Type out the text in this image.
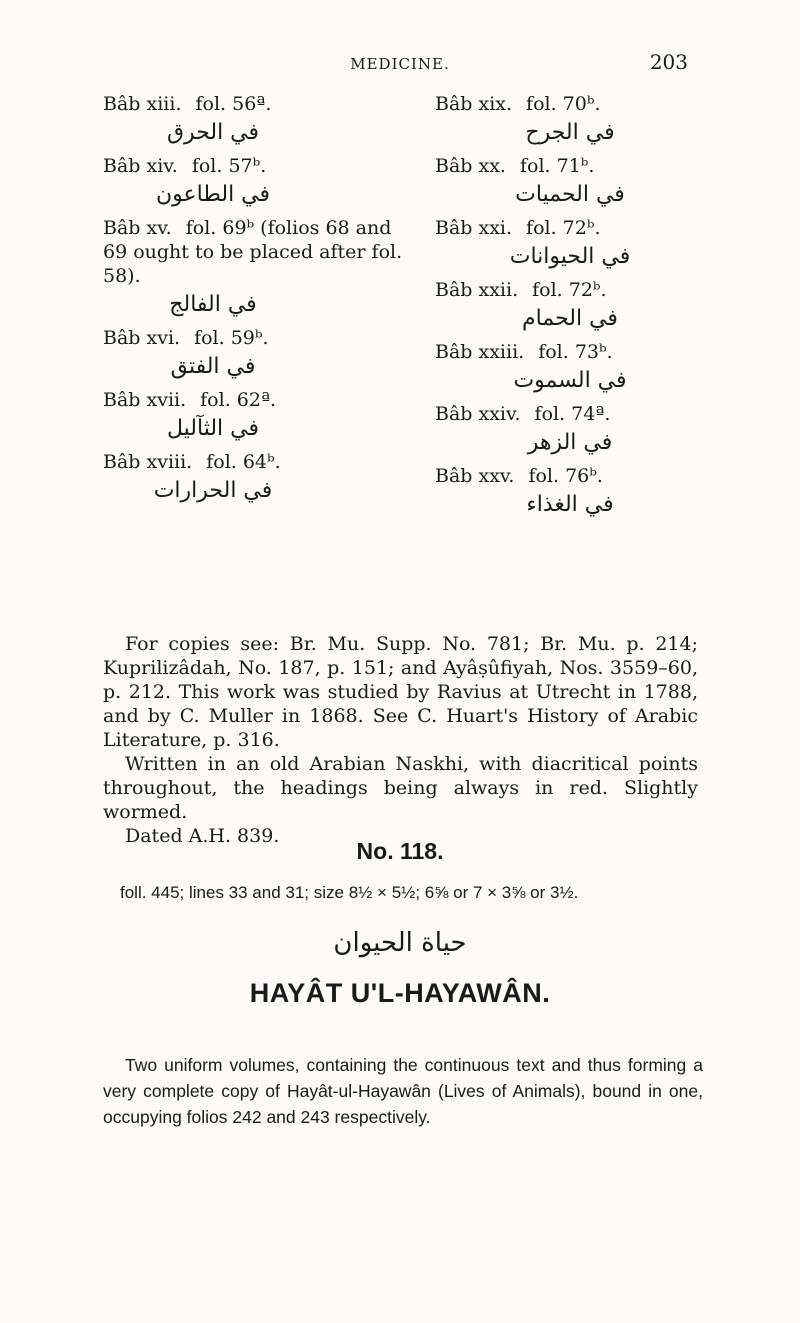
MEDICINE.	203
Bâb xiii. fol. 56ª.
في الحرق
Bâb xiv. fol. 57ᵇ.
في الطاعون
Bâb xv. fol. 69ᵇ (folios 68 and
69 ought to be placed after fol. 58).
في الفالج
Bâb xvi. fol. 59ᵇ.
في الفتق
Bâb xvii. fol. 62ª.
في الثآليل
Bâb xviii. fol. 64ᵇ.
في الحرارات
Bâb xix. fol. 70ᵇ.
في الجرح
Bâb xx. fol. 71ᵇ.
في الحميات
Bâb xxi. fol. 72ᵇ.
في الحيوانات
Bâb xxii. fol. 72ᵇ.
في الحمام
Bâb xxiii. fol. 73ᵇ.
في السموت
Bâb xxiv. fol. 74ª.
في الزهر
Bâb xxv. fol. 76ᵇ.
في الغذاء

For copies see: Br. Mu. Supp. No. 781; Br. Mu. p. 214; Kuprilizâdah, No. 187, p. 151; and Ayâṣûfiyah, Nos. 3559–60, p. 212. This work was studied by Ravius at Utrecht in 1788, and by C. Muller in 1868. See C. Huart's History of Arabic Literature, p. 316.

Written in an old Arabian Naskhi, with diacritical points throughout, the headings being always in red. Slightly wormed.

Dated A.H. 839.

No. 118.
foll. 445; lines 33 and 31; size 8½ × 5½; 6⅝ or 7 × 3⅝ or 3½.
حياة الحيوان
HAYÂT U'L-HAYAWÂN.

Two uniform volumes, containing the continuous text and thus forming a very complete copy of Hayât-ul-Hayawân (Lives of Animals), bound in one, occupying folios 242 and 243 respectively.
